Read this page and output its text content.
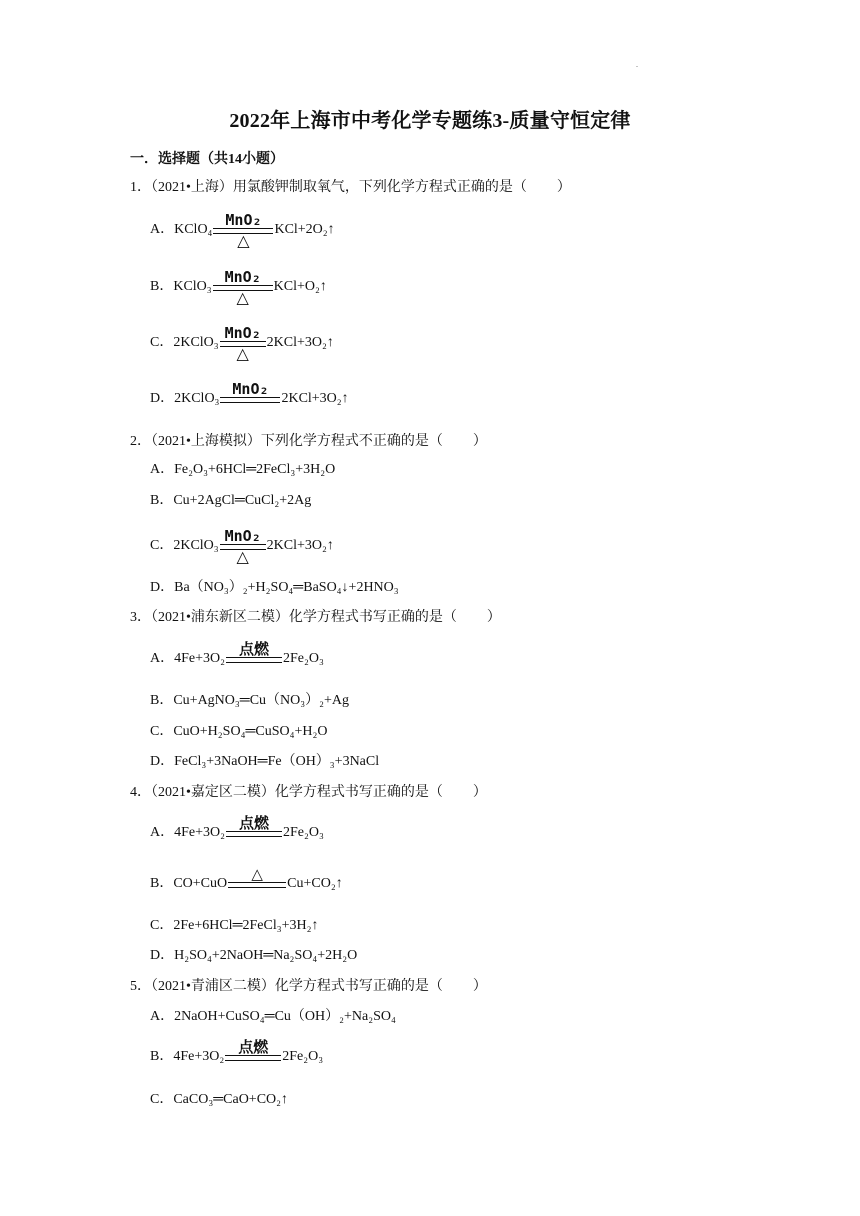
.
2022年上海市中考化学专题练3-质量守恒定律
一．选择题（共14小题）
1．（2021•上海）用氯酸钾制取氧气，下列化学方程式正确的是（ ）
A．KClO₄
MnO₂
△
KCl+2O₂↑
B．KClO₃
MnO₂
△
KCl+O₂↑
C．2KClO₃
MnO₂
△
2KCl+3O₂↑
D．2KClO₃
MnO₂
2KCl+3O₂↑
2．（2021•上海模拟）下列化学方程式不正确的是（ ）
A．Fe₂O₃+6HCl═2FeCl₃+3H₂O
B．Cu+2AgCl═CuCl₂+2Ag
C．2KClO₃
MnO₂
△
2KCl+3O₂↑
D．Ba（NO₃）₂+H₂SO₄═BaSO₄↓+2HNO₃
3．（2021•浦东新区二模）化学方程式书写正确的是（ ）
A．4Fe+3O₂
点燃
2Fe₂O₃
B．Cu+AgNO₃═Cu（NO₃）₂+Ag
C．CuO+H₂SO₄═CuSO₄+H₂O
D．FeCl₃+3NaOH═Fe（OH）₃+3NaCl
4．（2021•嘉定区二模）化学方程式书写正确的是（ ）
A．4Fe+3O₂
点燃
2Fe₂O₃
B．CO+CuO
△
Cu+CO₂↑
C．2Fe+6HCl═2FeCl₃+3H₂↑
D．H₂SO₄+2NaOH═Na₂SO₄+2H₂O
5．（2021•青浦区二模）化学方程式书写正确的是（ ）
A．2NaOH+CuSO₄═Cu（OH）₂+Na₂SO₄
B．4Fe+3O₂
点燃
2Fe₂O₃
C．CaCO₃═CaO+CO₂↑
